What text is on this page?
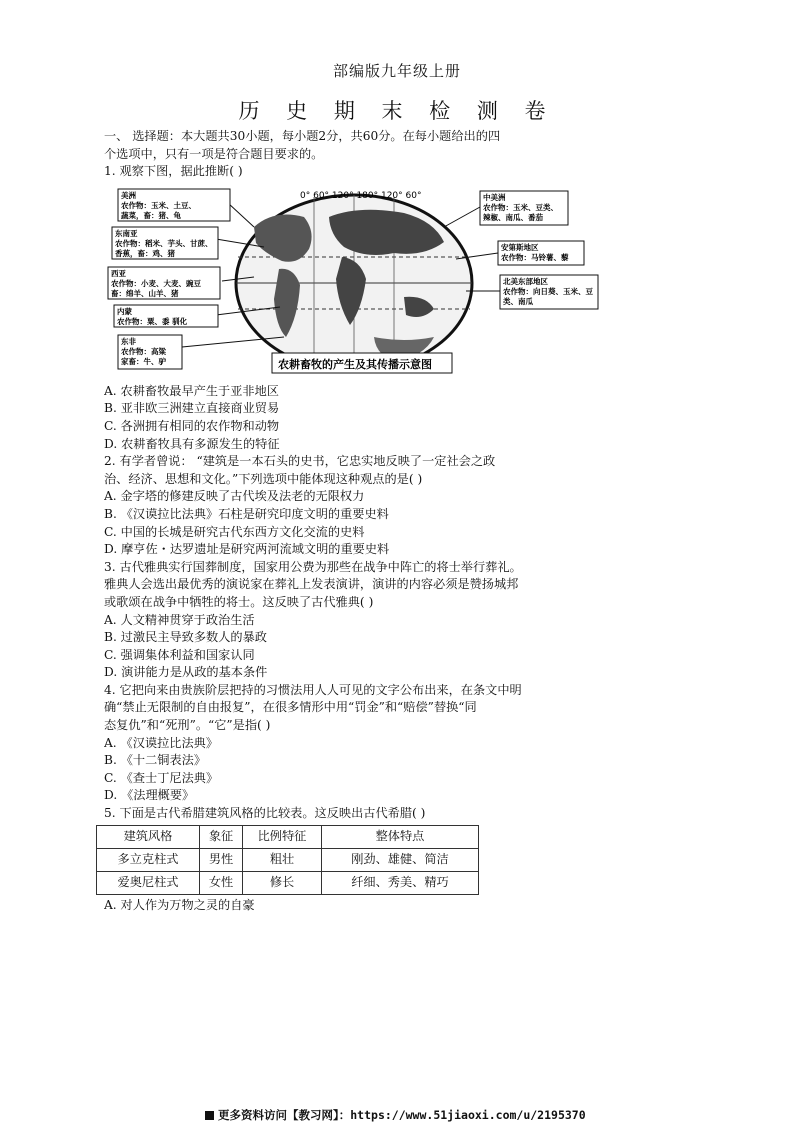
部编版九年级上册
历 史 期 末 检 测 卷
一、 选择题：本大题共30小题，每小题2分，共60分。在每小题给出的四
个选项中，只有一项是符合题目要求的。
1. 观察下图，据此推断( )
0° 60° 120° 180° 120° 60°
农耕畜牧的产生及其传播示意图
美洲
农作物：玉米、土豆、
蔬菜，畜：猪、龟
东南亚
农作物：稻米、芋头、甘蔗、
香蕉，畜：鸡、猪
西亚
农作物：小麦、大麦、豌豆
畜：绵羊、山羊、猪
内蒙
农作物：粟、黍 驯化
东非
农作物：高粱
家畜：牛、驴
中美洲
农作物：玉米、豆类、
辣椒、南瓜、番茄
安第斯地区
农作物：马铃薯、藜
北美东部地区
农作物：向日葵、玉米、豆
类、南瓜
A. 农耕畜牧最早产生于亚非地区
B. 亚非欧三洲建立直接商业贸易
C. 各洲拥有相同的农作物和动物
D. 农耕畜牧具有多源发生的特征
2. 有学者曾说： “建筑是一本石头的史书，它忠实地反映了一定社会之政
治、经济、思想和文化。”下列选项中能体现这种观点的是( )
A. 金字塔的修建反映了古代埃及法老的无限权力
B. 《汉谟拉比法典》石柱是研究印度文明的重要史料
C. 中国的长城是研究古代东西方文化交流的史料
D. 摩亨佐・达罗遗址是研究两河流域文明的重要史料
3. 古代雅典实行国葬制度，国家用公费为那些在战争中阵亡的将士举行葬礼。
雅典人会选出最优秀的演说家在葬礼上发表演讲，演讲的内容必须是赞扬城邦
或歌颂在战争中牺牲的将士。这反映了古代雅典( )
A. 人文精神贯穿于政治生活
B. 过激民主导致多数人的暴政
C. 强调集体利益和国家认同
D. 演讲能力是从政的基本条件
4. 它把向来由贵族阶层把持的习惯法用人人可见的文字公布出来，在条文中明
确“禁止无限制的自由报复”，在很多情形中用“罚金”和“赔偿”替换“同
态复仇”和“死刑”。“它”是指( )
A. 《汉谟拉比法典》
B. 《十二铜表法》
C. 《查士丁尼法典》
D. 《法理概要》
5. 下面是古代希腊建筑风格的比较表。这反映出古代希腊( )
建筑风格	象征	比例特征	整体特点
多立克柱式	男性	粗壮	刚劲、雄健、简洁
爱奥尼柱式	女性	修长	纤细、秀美、精巧
A. 对人作为万物之灵的自豪
更多资料访问【教习网】：https://www.51jiaoxi.com/u/2195370
